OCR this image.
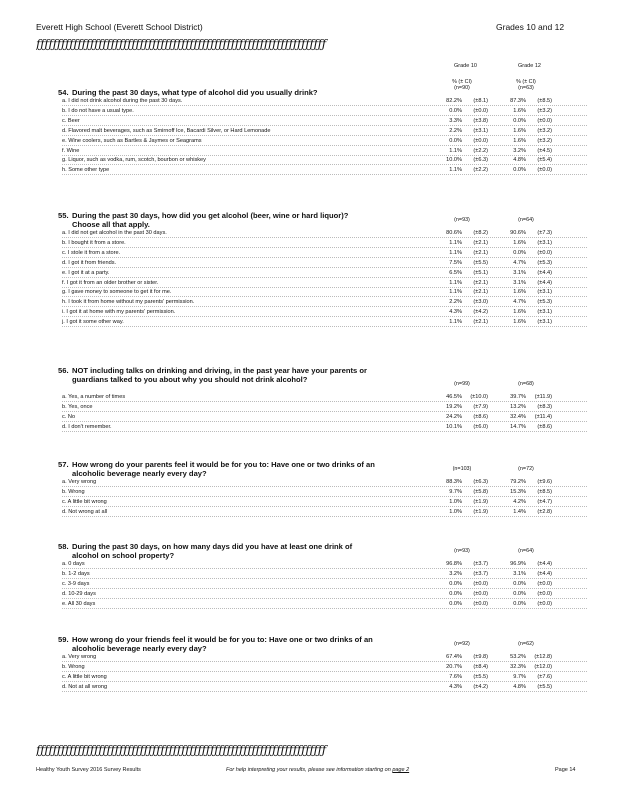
Everett High School (Everett School District)	Grades 10 and 12
ƒƒƒƒƒƒƒƒƒƒƒƒƒƒƒƒƒƒƒƒƒƒƒƒƒƒƒƒƒƒƒƒƒƒƒƒƒƒƒƒƒƒƒƒƒƒƒƒƒƒƒƒƒƒƒƒƒƒƒƒƒƒƒƒƒƒƒƒƒƒ
Grade 10	Grade 12
54. During the past 30 days, what type of alcohol did you usually drink?
% (± CI)
(n=90)
% (± CI)
(n=63)
a. I did not drink alcohol during the past 30 days.	82.2%	(±8.1)	87.3%	(±8.5)
b. I do not have a usual type.	0.0%	(±0.0)	1.6%	(±3.2)
c. Beer	3.3%	(±3.8)	0.0%	(±0.0)
d. Flavored malt beverages, such as Smirnoff Ice, Bacardi Silver, or Hard Lemonade	2.2%	(±3.1)	1.6%	(±3.2)
e. Wine coolers, such as Bartles & Jaymes or Seagrams	0.0%	(±0.0)	1.6%	(±3.2)
f. Wine	1.1%	(±2.2)	3.2%	(±4.5)
g. Liquor, such as vodka, rum, scotch, bourbon or whiskey	10.0%	(±6.3)	4.8%	(±5.4)
h. Some other type	1.1%	(±2.2)	0.0%	(±0.0)
55. During the past 30 days, how did you get alcohol (beer, wine or hard liquor)? Choose all that apply.	(n=93)	(n=64)
a. I did not get alcohol in the past 30 days.	80.6%	(±8.2)	90.6%	(±7.3)
b. I bought it from a store.	1.1%	(±2.1)	1.6%	(±3.1)
c. I stole it from a store.	1.1%	(±2.1)	0.0%	(±0.0)
d. I got it from friends.	7.5%	(±5.5)	4.7%	(±5.3)
e. I got it at a party.	6.5%	(±5.1)	3.1%	(±4.4)
f. I got it from an older brother or sister.	1.1%	(±2.1)	3.1%	(±4.4)
g. I gave money to someone to get it for me.	1.1%	(±2.1)	1.6%	(±3.1)
h. I took it from home without my parents' permission.	2.2%	(±3.0)	4.7%	(±5.3)
i. I got it at home with my parents' permission.	4.3%	(±4.2)	1.6%	(±3.1)
j. I got it some other way.	1.1%	(±2.1)	1.6%	(±3.1)
56. NOT including talks on drinking and driving, in the past year have your parents or guardians talked to you about why you should not drink alcohol?	(n=99)	(n=68)
a. Yes, a number of times	46.5%	(±10.0)	39.7%	(±11.9)
b. Yes, once	19.2%	(±7.9)	13.2%	(±8.3)
c. No	24.2%	(±8.6)	32.4%	(±11.4)
d. I don't remember.	10.1%	(±6.0)	14.7%	(±8.6)
57. How wrong do your parents feel it would be for you to: Have one or two drinks of an alcoholic beverage nearly every day?	(n=103)	(n=72)
a. Very wrong	88.3%	(±6.3)	79.2%	(±9.6)
b. Wrong	9.7%	(±5.8)	15.3%	(±8.5)
c. A little bit wrong	1.0%	(±1.9)	4.2%	(±4.7)
d. Not wrong at all	1.0%	(±1.9)	1.4%	(±2.8)
58. During the past 30 days, on how many days did you have at least one drink of alcohol on school property?	(n=93)	(n=64)
a. 0 days	96.8%	(±3.7)	96.9%	(±4.4)
b. 1-2 days	3.2%	(±3.7)	3.1%	(±4.4)
c. 3-9 days	0.0%	(±0.0)	0.0%	(±0.0)
d. 10-29 days	0.0%	(±0.0)	0.0%	(±0.0)
e. All 30 days	0.0%	(±0.0)	0.0%	(±0.0)
59. How wrong do your friends feel it would be for you to: Have one or two drinks of an alcoholic beverage nearly every day?	(n=92)	(n=62)
a. Very wrong	67.4%	(±9.8)	53.2%	(±12.8)
b. Wrong	20.7%	(±8.4)	32.3%	(±12.0)
c. A little bit wrong	7.6%	(±5.5)	9.7%	(±7.6)
d. Not at all wrong	4.3%	(±4.2)	4.8%	(±5.5)
ƒƒƒƒƒƒƒƒƒƒƒƒƒƒƒƒƒƒƒƒƒƒƒƒƒƒƒƒƒƒƒƒƒƒƒƒƒƒƒƒƒƒƒƒƒƒƒƒƒƒƒƒƒƒƒƒƒƒƒƒƒƒƒƒƒƒƒƒƒƒ
Healthy Youth Survey 2016 Survey Results	For help interpreting your results, please see information starting on page 2	Page 14
